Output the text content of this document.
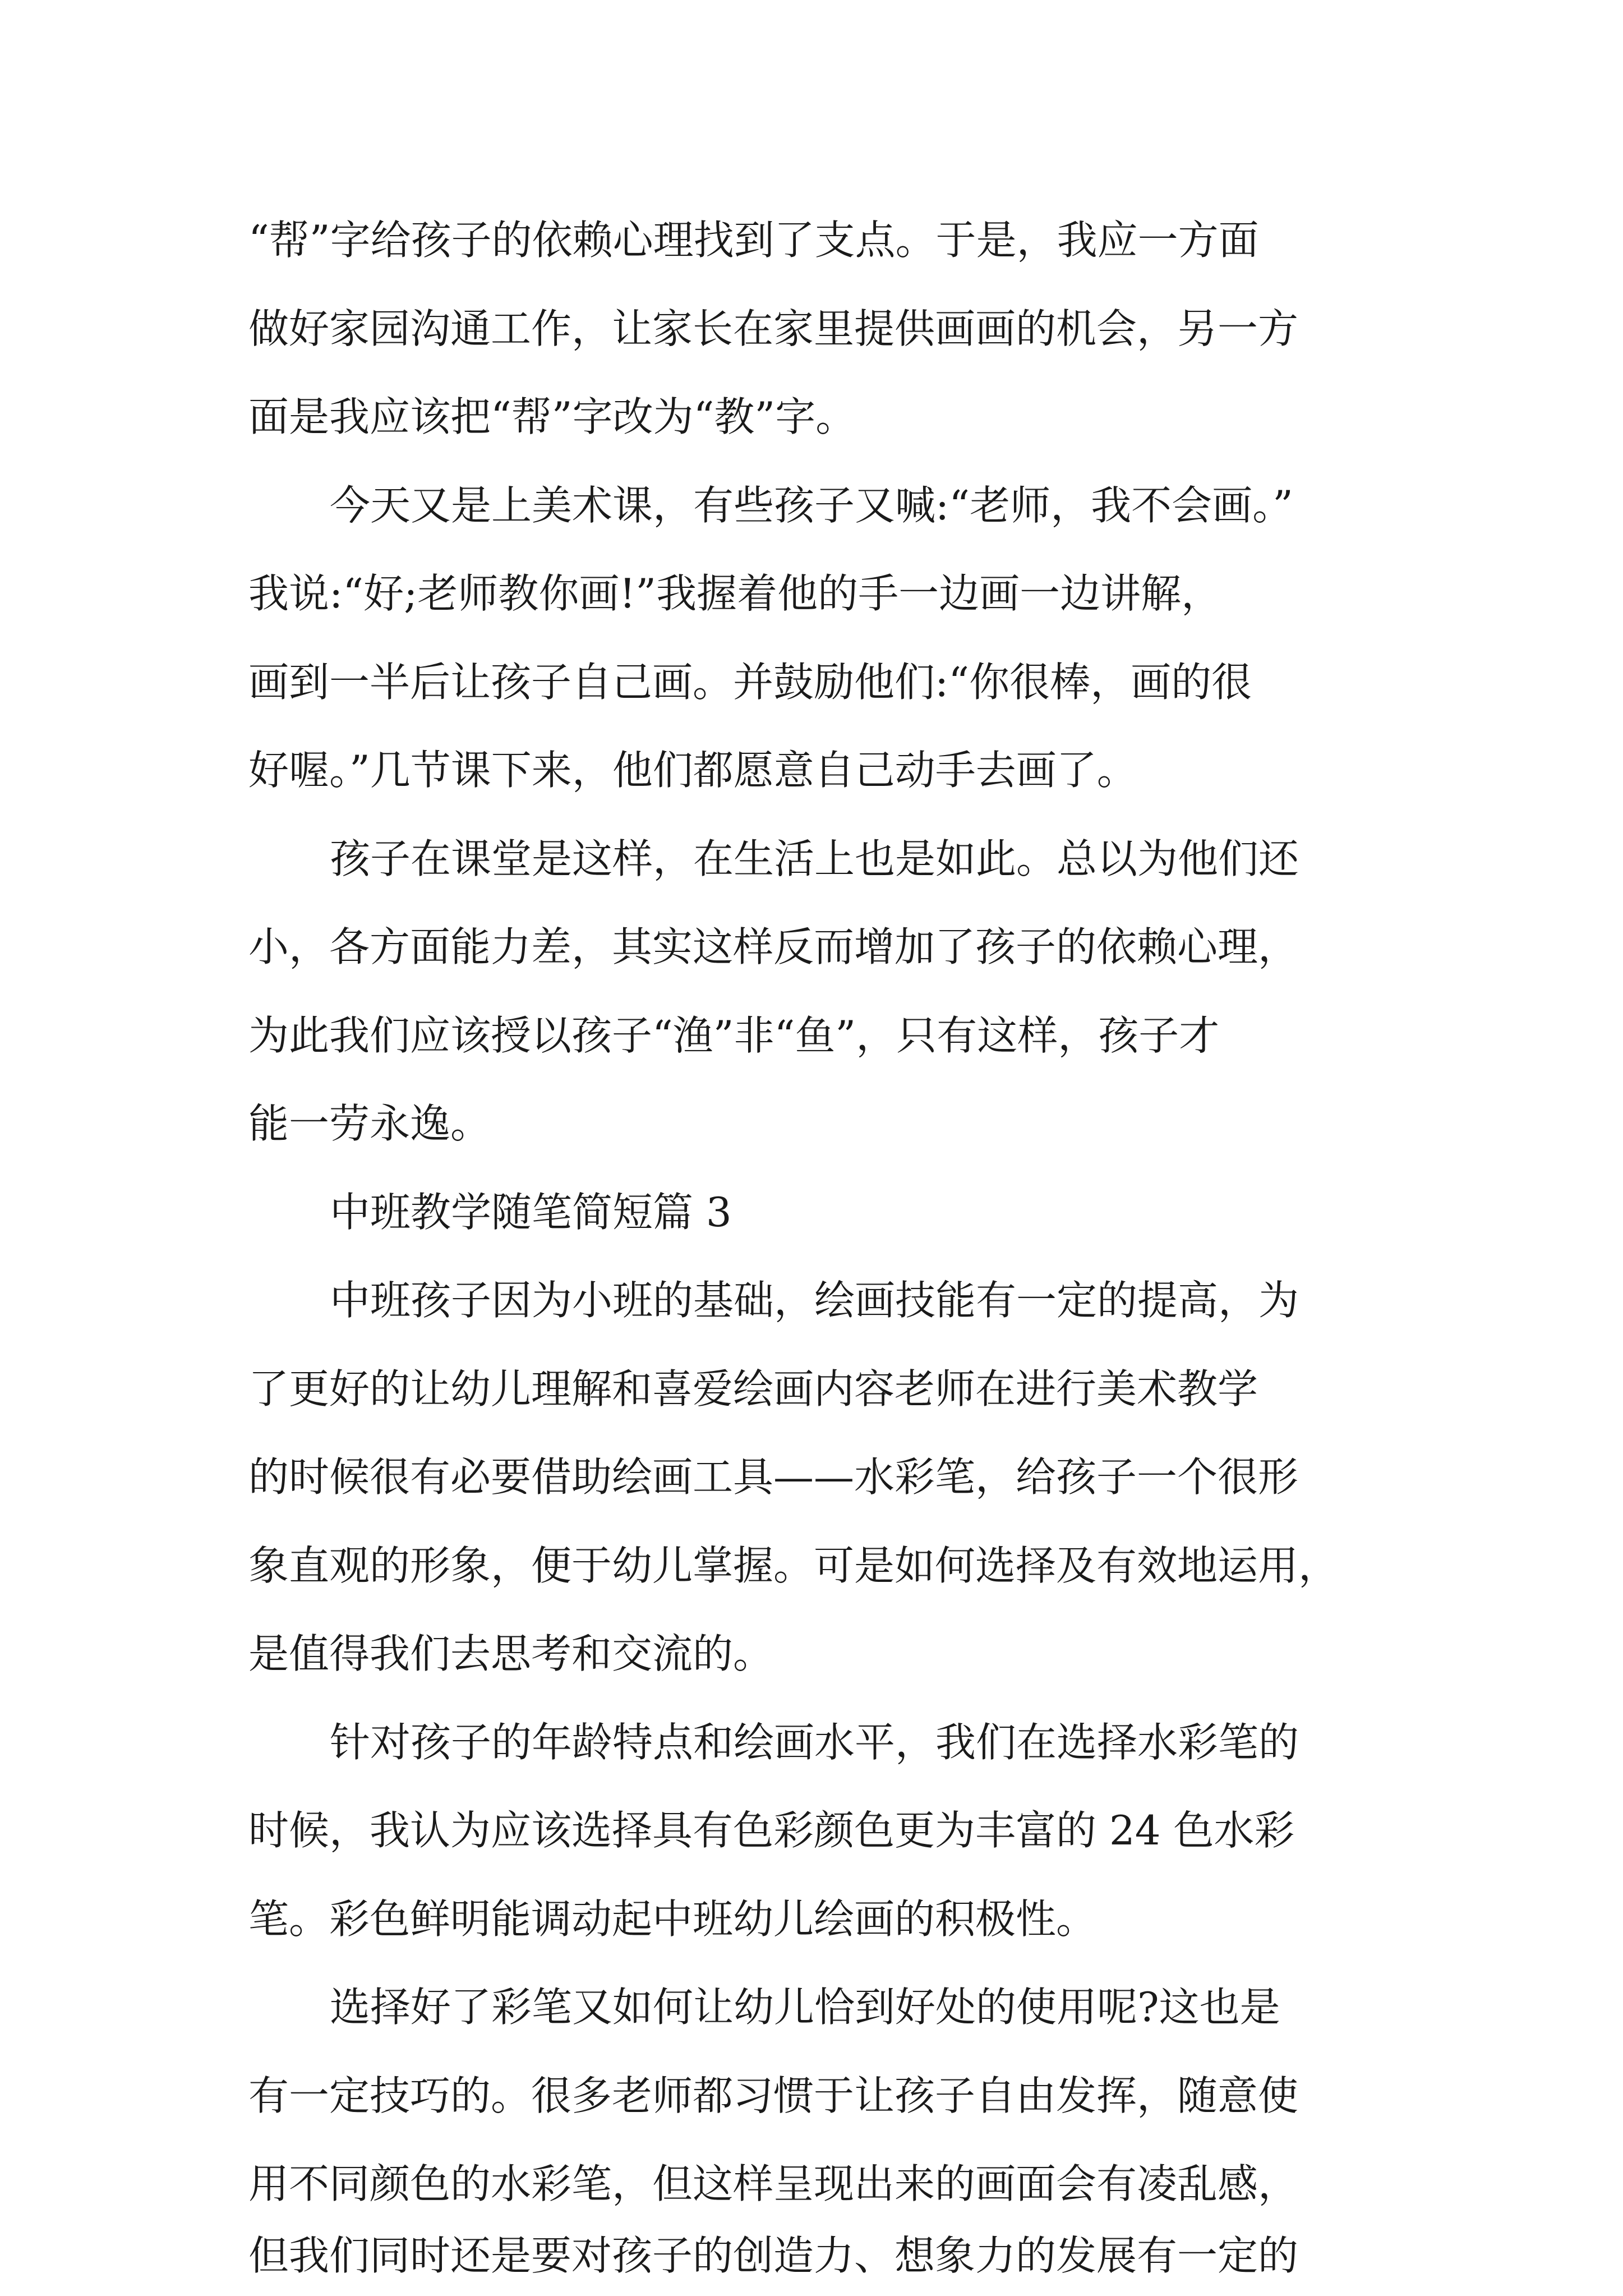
“帮”字给孩子的依赖心理找到了支点。于是，我应一方面
做好家园沟通工作，让家长在家里提供画画的机会，另一方
面是我应该把“帮”字改为“教”字。
今天又是上美术课，有些孩子又喊:“老师，我不会画。”
我说:“好;老师教你画!”我握着他的手一边画一边讲解，
画到一半后让孩子自己画。并鼓励他们:“你很棒，画的很
好喔。”几节课下来，他们都愿意自己动手去画了。
孩子在课堂是这样，在生活上也是如此。总以为他们还
小，各方面能力差，其实这样反而增加了孩子的依赖心理，
为此我们应该授以孩子“渔”非“鱼”，只有这样，孩子才
能一劳永逸。
中班教学随笔简短篇 3
中班孩子因为小班的基础，绘画技能有一定的提高，为
了更好的让幼儿理解和喜爱绘画内容老师在进行美术教学
的时候很有必要借助绘画工具——水彩笔，给孩子一个很形
象直观的形象，便于幼儿掌握。可是如何选择及有效地运用，
是值得我们去思考和交流的。
针对孩子的年龄特点和绘画水平，我们在选择水彩笔的
时候，我认为应该选择具有色彩颜色更为丰富的 24 色水彩
笔。彩色鲜明能调动起中班幼儿绘画的积极性。
选择好了彩笔又如何让幼儿恰到好处的使用呢?这也是
有一定技巧的。很多老师都习惯于让孩子自由发挥，随意使
用不同颜色的水彩笔，但这样呈现出来的画面会有凌乱感，
但我们同时还是要对孩子的创造力、想象力的发展有一定的
